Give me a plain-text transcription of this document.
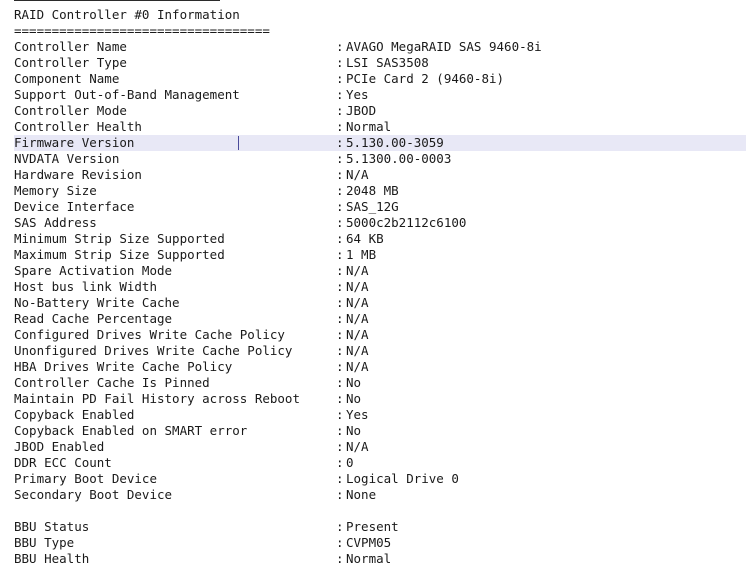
RAID Controller #0 Information
==================================
Controller Name	: AVAGO MegaRAID SAS 9460-8i
Controller Type	: LSI SAS3508
Component Name	: PCIe Card 2 (9460-8i)
Support Out-of-Band Management	: Yes
Controller Mode	: JBOD
Controller Health	: Normal
Firmware Version	: 5.130.00-3059
NVDATA Version	: 5.1300.00-0003
Hardware Revision	: N/A
Memory Size	: 2048 MB
Device Interface	: SAS_12G
SAS Address	: 5000c2b2112c6100
Minimum Strip Size Supported	: 64 KB
Maximum Strip Size Supported	: 1 MB
Spare Activation Mode	: N/A
Host bus link Width	: N/A
No-Battery Write Cache	: N/A
Read Cache Percentage	: N/A
Configured Drives Write Cache Policy	: N/A
Unonfigured Drives Write Cache Policy	: N/A
HBA Drives Write Cache Policy	: N/A
Controller Cache Is Pinned	: No
Maintain PD Fail History across Reboot	: No
Copyback Enabled	: Yes
Copyback Enabled on SMART error	: No
JBOD Enabled	: N/A
DDR ECC Count	: 0
Primary Boot Device	: Logical Drive 0
Secondary Boot Device	: None
BBU Status	: Present
BBU Type	: CVPM05
BBU Health	: Normal
